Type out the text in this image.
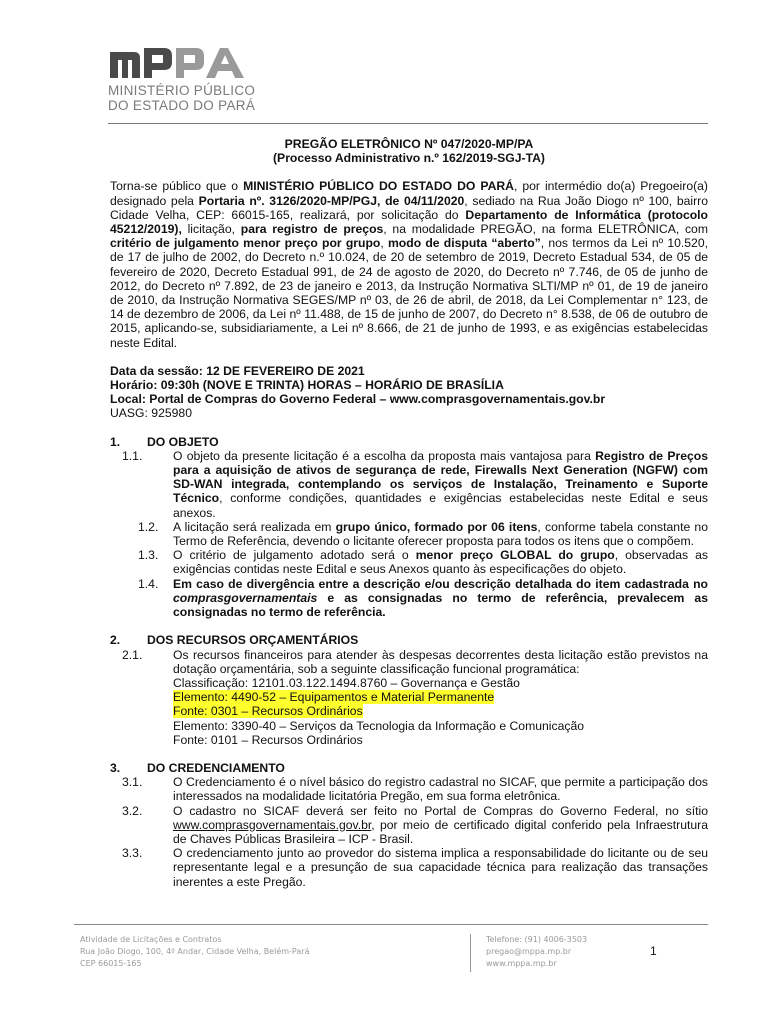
MINISTÉRIO PÚBLICO
DO ESTADO DO PARÁ
PREGÃO ELETRÔNICO Nº 047/2020-MP/PA
(Processo Administrativo n.º 162/2019-SGJ-TA)
Torna-se público que o MINISTÉRIO PÚBLICO DO ESTADO DO PARÁ, por intermédio do(a) Pregoeiro(a) designado pela Portaria nº. 3126/2020-MP/PGJ, de 04/11/2020, sediado na Rua João Diogo nº 100, bairro Cidade Velha, CEP: 66015-165, realizará, por solicitação do Departamento de Informática (protocolo 45212/2019), licitação, para registro de preços, na modalidade PREGÃO, na forma ELETRÔNICA, com critério de julgamento menor preço por grupo, modo de disputa “aberto”, nos termos da Lei nº 10.520, de 17 de julho de 2002, do Decreto n.º 10.024, de 20 de setembro de 2019, Decreto Estadual 534, de 05 de fevereiro de 2020, Decreto Estadual 991, de 24 de agosto de 2020, do Decreto nº 7.746, de 05 de junho de 2012, do Decreto nº 7.892, de 23 de janeiro e 2013, da Instrução Normativa SLTI/MP nº 01, de 19 de janeiro de 2010, da Instrução Normativa SEGES/MP nº 03, de 26 de abril, de 2018, da Lei Complementar n° 123, de 14 de dezembro de 2006, da Lei nº 11.488, de 15 de junho de 2007, do Decreto n° 8.538, de 06 de outubro de 2015, aplicando-se, subsidiariamente, a Lei nº 8.666, de 21 de junho de 1993, e as exigências estabelecidas neste Edital.
Data da sessão: 12 DE FEVEREIRO DE 2021
Horário: 09:30h (NOVE E TRINTA) HORAS – HORÁRIO DE BRASÍLIA
Local: Portal de Compras do Governo Federal – www.comprasgovernamentais.gov.br
UASG: 925980
1.	DO OBJETO
1.1.	O objeto da presente licitação é a escolha da proposta mais vantajosa para Registro de Preços para a aquisição de ativos de segurança de rede, Firewalls Next Generation (NGFW) com SD-WAN integrada, contemplando os serviços de Instalação, Treinamento e Suporte Técnico, conforme condições, quantidades e exigências estabelecidas neste Edital e seus anexos.
1.2.	A licitação será realizada em grupo único, formado por 06 itens, conforme tabela constante no Termo de Referência, devendo o licitante oferecer proposta para todos os itens que o compõem.
1.3.	O critério de julgamento adotado será o menor preço GLOBAL do grupo, observadas as exigências contidas neste Edital e seus Anexos quanto às especificações do objeto.
1.4.	Em caso de divergência entre a descrição e/ou descrição detalhada do item cadastrada no comprasgovernamentais e as consignadas no termo de referência, prevalecem as consignadas no termo de referência.
2.	DOS RECURSOS ORÇAMENTÁRIOS
2.1.	Os recursos financeiros para atender às despesas decorrentes desta licitação estão previstos na dotação orçamentária, sob a seguinte classificação funcional programática:
Classificação: 12101.03.122.1494.8760 – Governança e Gestão
Elemento: 4490-52 – Equipamentos e Material Permanente
Fonte: 0301 – Recursos Ordinários
Elemento: 3390-40 – Serviços da Tecnologia da Informação e Comunicação
Fonte: 0101 – Recursos Ordinários
3.	DO CREDENCIAMENTO
3.1.	O Credenciamento é o nível básico do registro cadastral no SICAF, que permite a participação dos interessados na modalidade licitatória Pregão, em sua forma eletrônica.
3.2.	O cadastro no SICAF deverá ser feito no Portal de Compras do Governo Federal, no sítio www.comprasgovernamentais.gov.br, por meio de certificado digital conferido pela Infraestrutura de Chaves Públicas Brasileira – ICP - Brasil.
3.3.	O credenciamento junto ao provedor do sistema implica a responsabilidade do licitante ou de seu representante legal e a presunção de sua capacidade técnica para realização das transações inerentes a este Pregão.
Atividade de Licitações e Contratos
Rua João Diogo, 100, 4º Andar, Cidade Velha, Belém-Pará
CEP 66015-165
Telefone: (91) 4006-3503
pregao@mppa.mp.br
www.mppa.mp.br
1
